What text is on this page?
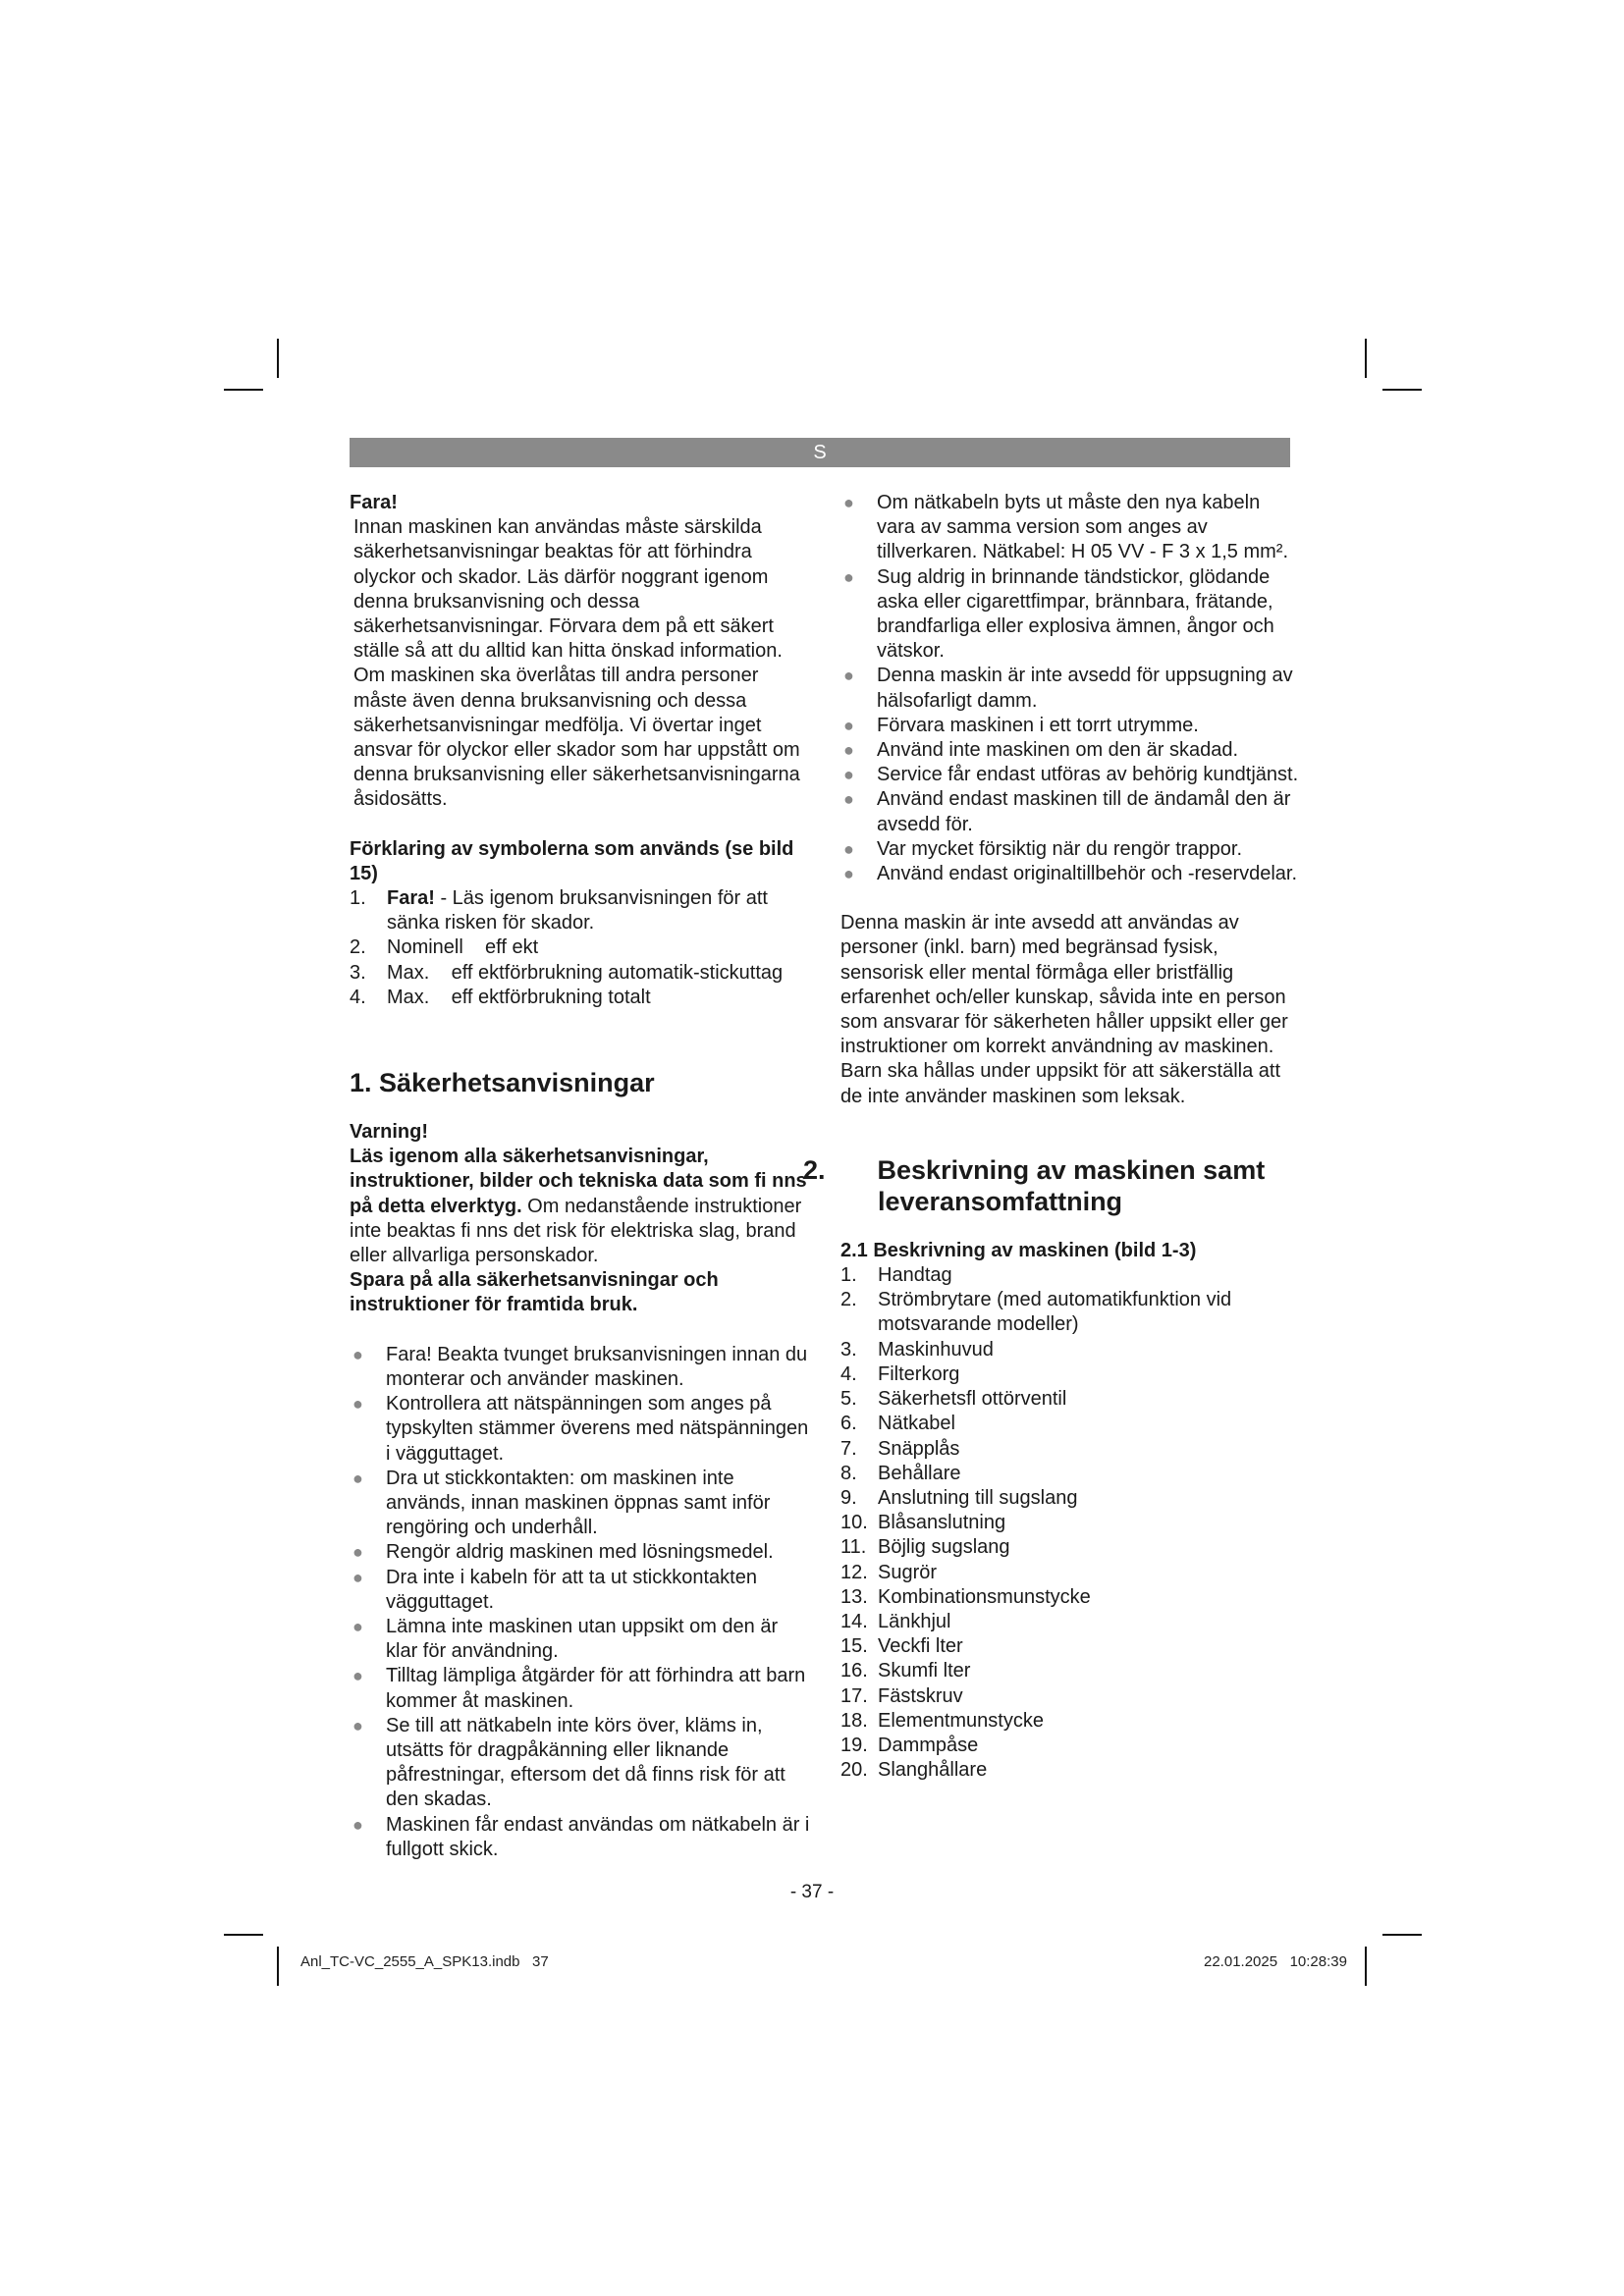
S

Fara!

Innan maskinen kan användas måste särskilda säkerhetsanvisningar beaktas för att förhindra olyckor och skador. Läs därför noggrant igenom denna bruksanvisning och dessa säkerhetsanvisningar. Förvara dem på ett säkert ställe så att du alltid kan hitta önskad information. Om maskinen ska överlåtas till andra personer måste även denna bruksanvisning och dessa säkerhetsanvisningar medfölja. Vi övertar inget ansvar för olyckor eller skador som har uppstått om denna bruksanvisning eller säkerhetsanvisningarna åsidosätts.

Förklaring av symbolerna som används (se bild 15)

1. Fara! - Läs igenom bruksanvisningen för att sänka risken för skador.
2. Nominell    eff ekt
3. Max.    eff ektförbrukning automatik-stickuttag
4. Max.    eff ektförbrukning totalt

1. Säkerhetsanvisningar

Varning!

Läs igenom alla säkerhetsanvisningar, instruktioner, bilder och tekniska data som fi nns på detta elverktyg. Om nedanstående instruktioner inte beaktas fi nns det risk för elektriska slag, brand eller allvarliga personskador.

Spara på alla säkerhetsanvisningar och instruktioner för framtida bruk.

● Fara! Beakta tvunget bruksanvisningen innan du monterar och använder maskinen.
● Kontrollera att nätspänningen som anges på typskylten stämmer överens med nätspänningen i vägguttaget.
● Dra ut stickkontakten: om maskinen inte används, innan maskinen öppnas samt inför rengöring och underhåll.
● Rengör aldrig maskinen med lösningsmedel.
● Dra inte i kabeln för att ta ut stickkontakten vägguttaget.
● Lämna inte maskinen utan uppsikt om den är klar för användning.
● Tilltag lämpliga åtgärder för att förhindra att barn kommer åt maskinen.
● Se till att nätkabeln inte körs över, kläms in, utsätts för dragpåkänning eller liknande påfrestningar, eftersom det då finns risk för att den skadas.
● Maskinen får endast användas om nätkabeln är i fullgott skick.
● Om nätkabeln byts ut måste den nya kabeln vara av samma version som anges av tillverkaren. Nätkabel: H 05 VV - F 3 x 1,5 mm².
● Sug aldrig in brinnande tändstickor, glödande aska eller cigarettfimpar, brännbara, frätande, brandfarliga eller explosiva ämnen, ångor och vätskor.
● Denna maskin är inte avsedd för uppsugning av hälsofarligt damm.
● Förvara maskinen i ett torrt utrymme.
● Använd inte maskinen om den är skadad.
● Service får endast utföras av behörig kundtjänst.
● Använd endast maskinen till de ändamål den är avsedd för.
● Var mycket försiktig när du rengör trappor.
● Använd endast originaltillbehör och -reservdelar.

Denna maskin är inte avsedd att användas av personer (inkl. barn) med begränsad fysisk, sensorisk eller mental förmåga eller bristfällig erfarenhet och/eller kunskap, såvida inte en person som ansvarar för säkerheten håller uppsikt eller ger instruktioner om korrekt användning av maskinen. Barn ska hållas under uppsikt för att säkerställa att de inte använder maskinen som leksak.

2. Beskrivning av maskinen samt leveransomfattning

2.1 Beskrivning av maskinen (bild 1-3)

1. Handtag
2. Strömbrytare (med automatikfunktion vid motsvarande modeller)
3. Maskinhuvud
4. Filterkorg
5. Säkerhetsfl ottörventil
6. Nätkabel
7. Snäpplås
8. Behållare
9. Anslutning till sugslang
10. Blåsanslutning
11. Böjlig sugslang
12. Sugrör
13. Kombinationsmunstycke
14. Länkhjul
15. Veckfi lter
16. Skumfi lter
17. Fästskruv
18. Elementmunstycke
19. Dammpåse
20. Slanghållare
- 37 -
Anl_TC-VC_2555_A_SPK13.indb   37	22.01.2025   10:28:39
